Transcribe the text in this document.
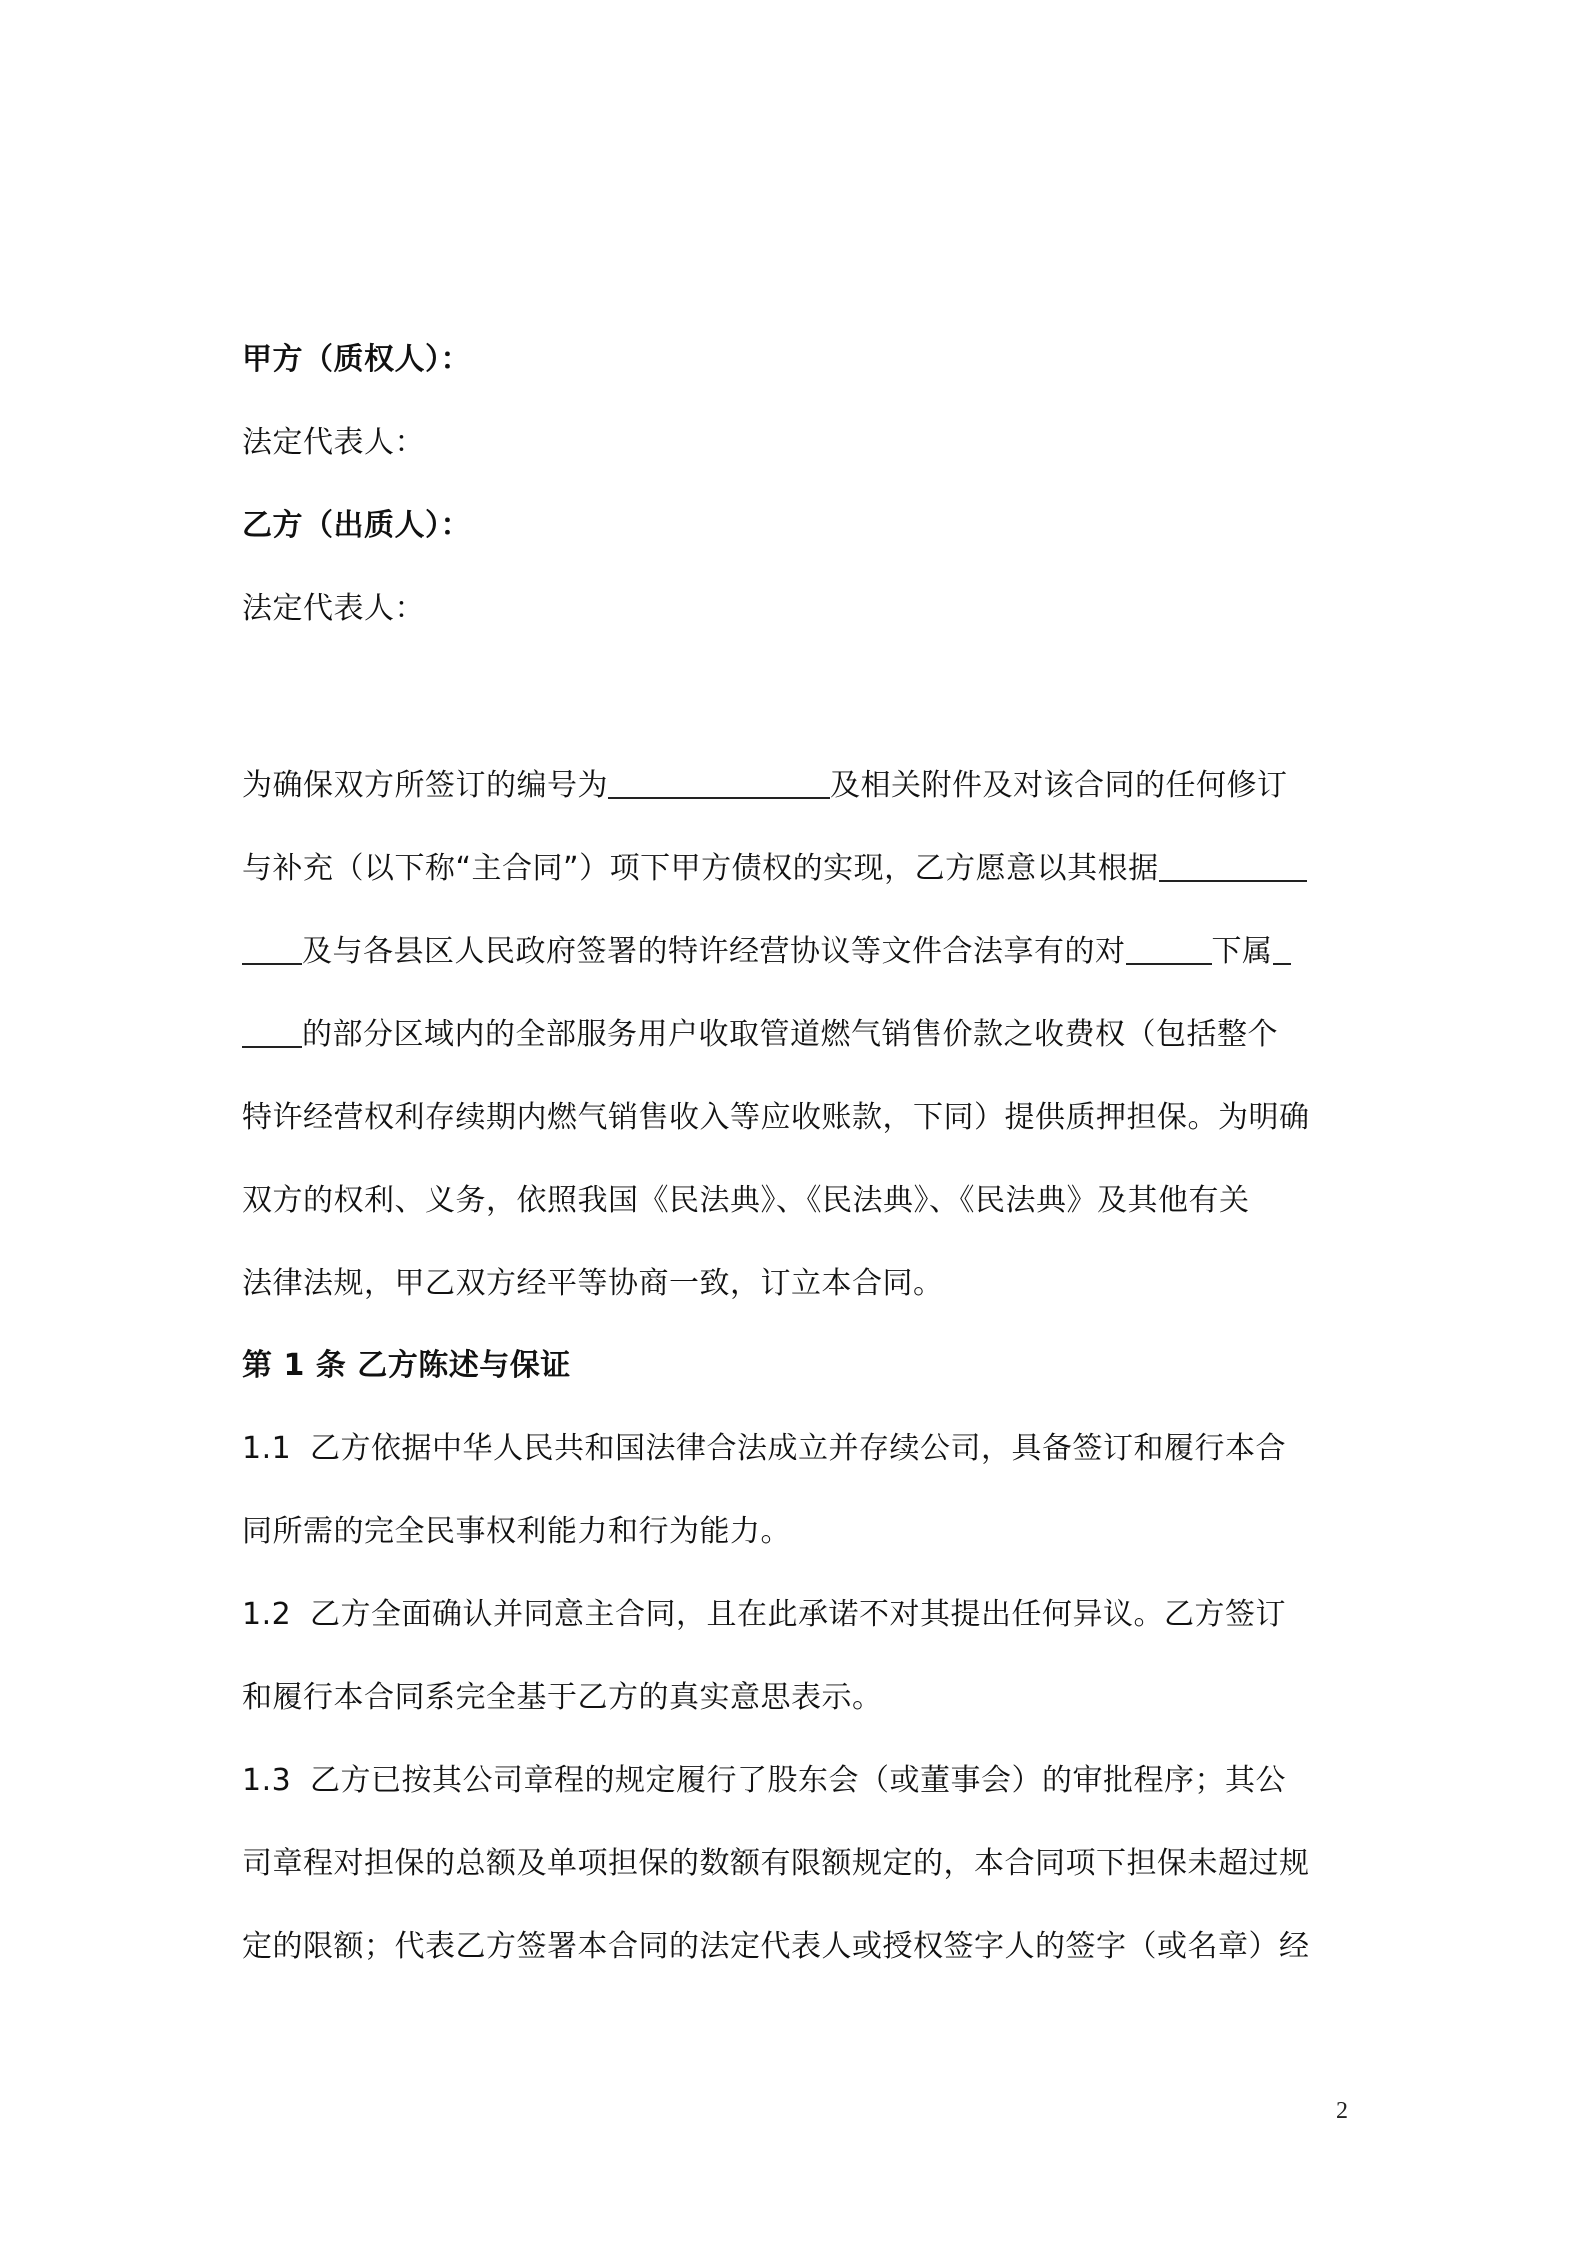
甲方（质权人）：
法定代表人：
乙方（出质人）：
法定代表人：
为确保双方所签订的编号为	及相关附件及对该合同的任何修订
与补充（以下称“主合同”）项下甲方债权的实现，乙方愿意以其根据
及与各县区人民政府签署的特许经营协议等文件合法享有的对	下属
的部分区域内的全部服务用户收取管道燃气销售价款之收费权（包括整个
特许经营权利存续期内燃气销售收入等应收账款，下同）提供质押担保。为明确
双方的权利、义务，依照我国《民法典》、《民法典》、《民法典》及其他有关
法律法规，甲乙双方经平等协商一致，订立本合同。
第 1 条 乙方陈述与保证
1.1 乙方依据中华人民共和国法律合法成立并存续公司，具备签订和履行本合
同所需的完全民事权利能力和行为能力。
1.2 乙方全面确认并同意主合同，且在此承诺不对其提出任何异议。乙方签订
和履行本合同系完全基于乙方的真实意思表示。
1.3 乙方已按其公司章程的规定履行了股东会（或董事会）的审批程序；其公
司章程对担保的总额及单项担保的数额有限额规定的，本合同项下担保未超过规
定的限额；代表乙方签署本合同的法定代表人或授权签字人的签字（或名章）经
2
